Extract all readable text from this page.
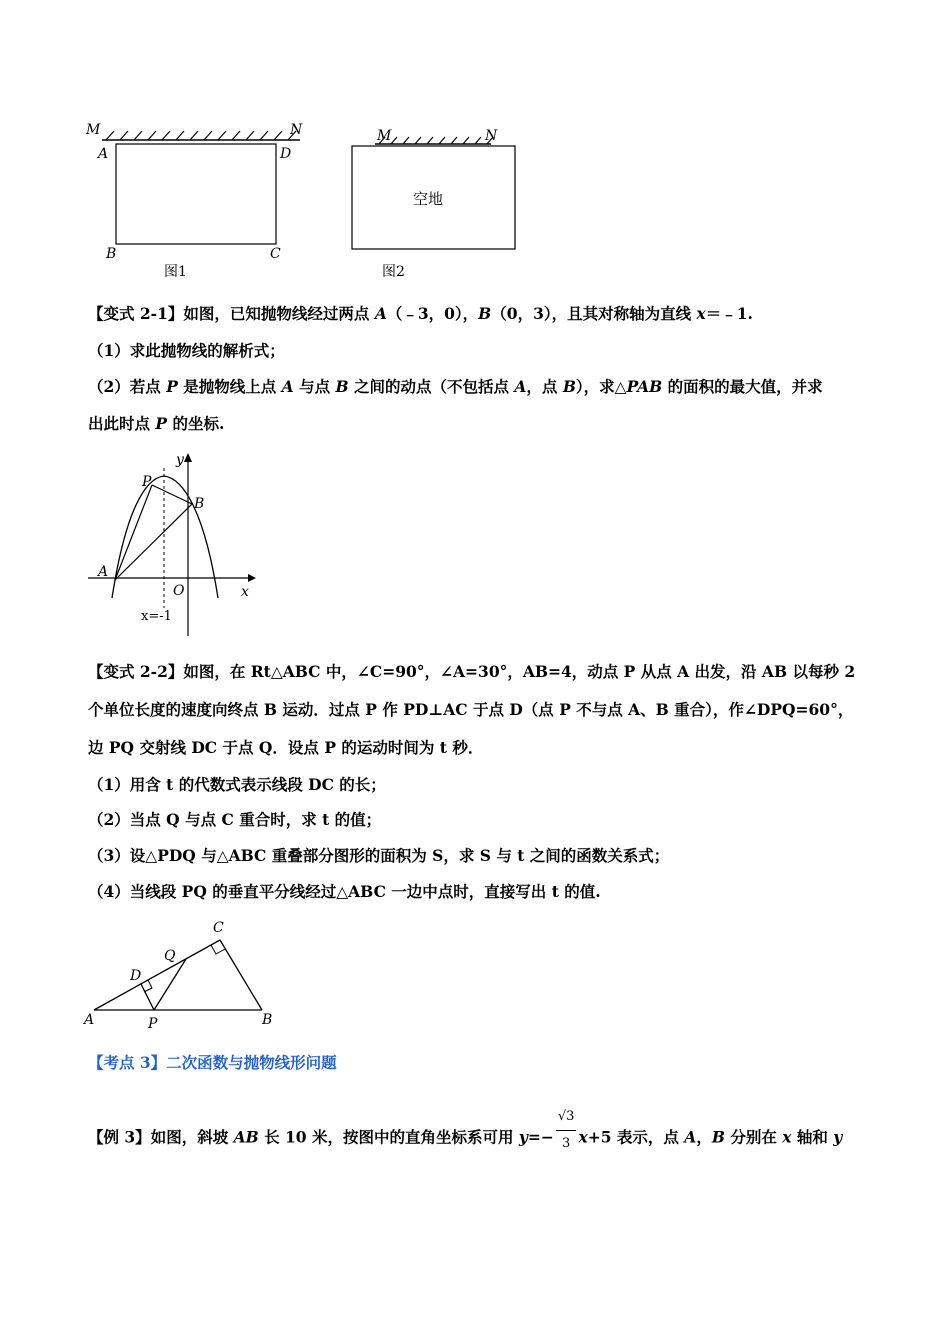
M	N
A	D
B	C
图1
M	N
空地
图2
【变式 2-1】如图，已知抛物线经过两点 A（﹣3，0），B（0，3），且其对称轴为直线 x＝﹣1.
（1）求此抛物线的解析式；
（2）若点 P 是抛物线上点 A 与点 B 之间的动点（不包括点 A，点 B），求△PAB 的面积的最大值，并求
出此时点 P 的坐标.
y
x
P
B
A
O
x=-1
【变式 2-2】如图，在 Rt△ABC 中，∠C=90°，∠A=30°，AB=4，动点 P 从点 A 出发，沿 AB 以每秒 2
个单位长度的速度向终点 B 运动．过点 P 作 PD⊥AC 于点 D（点 P 不与点 A、B 重合），作∠DPQ=60°，
边 PQ 交射线 DC 于点 Q．设点 P 的运动时间为 t 秒．
（1）用含 t 的代数式表示线段 DC 的长；
（2）当点 Q 与点 C 重合时，求 t 的值；
（3）设△PDQ 与△ABC 重叠部分图形的面积为 S，求 S 与 t 之间的函数关系式；
（4）当线段 PQ 的垂直平分线经过△ABC 一边中点时，直接写出 t 的值.
C
Q
D
A	P	B
【考点 3】二次函数与抛物线形问题
【例 3】如图，斜坡 AB 长 10 米，按图中的直角坐标系可用 $y=- \frac{√3}{3} x+5$ 表示，点 A，B 分别在 x 轴和 y
